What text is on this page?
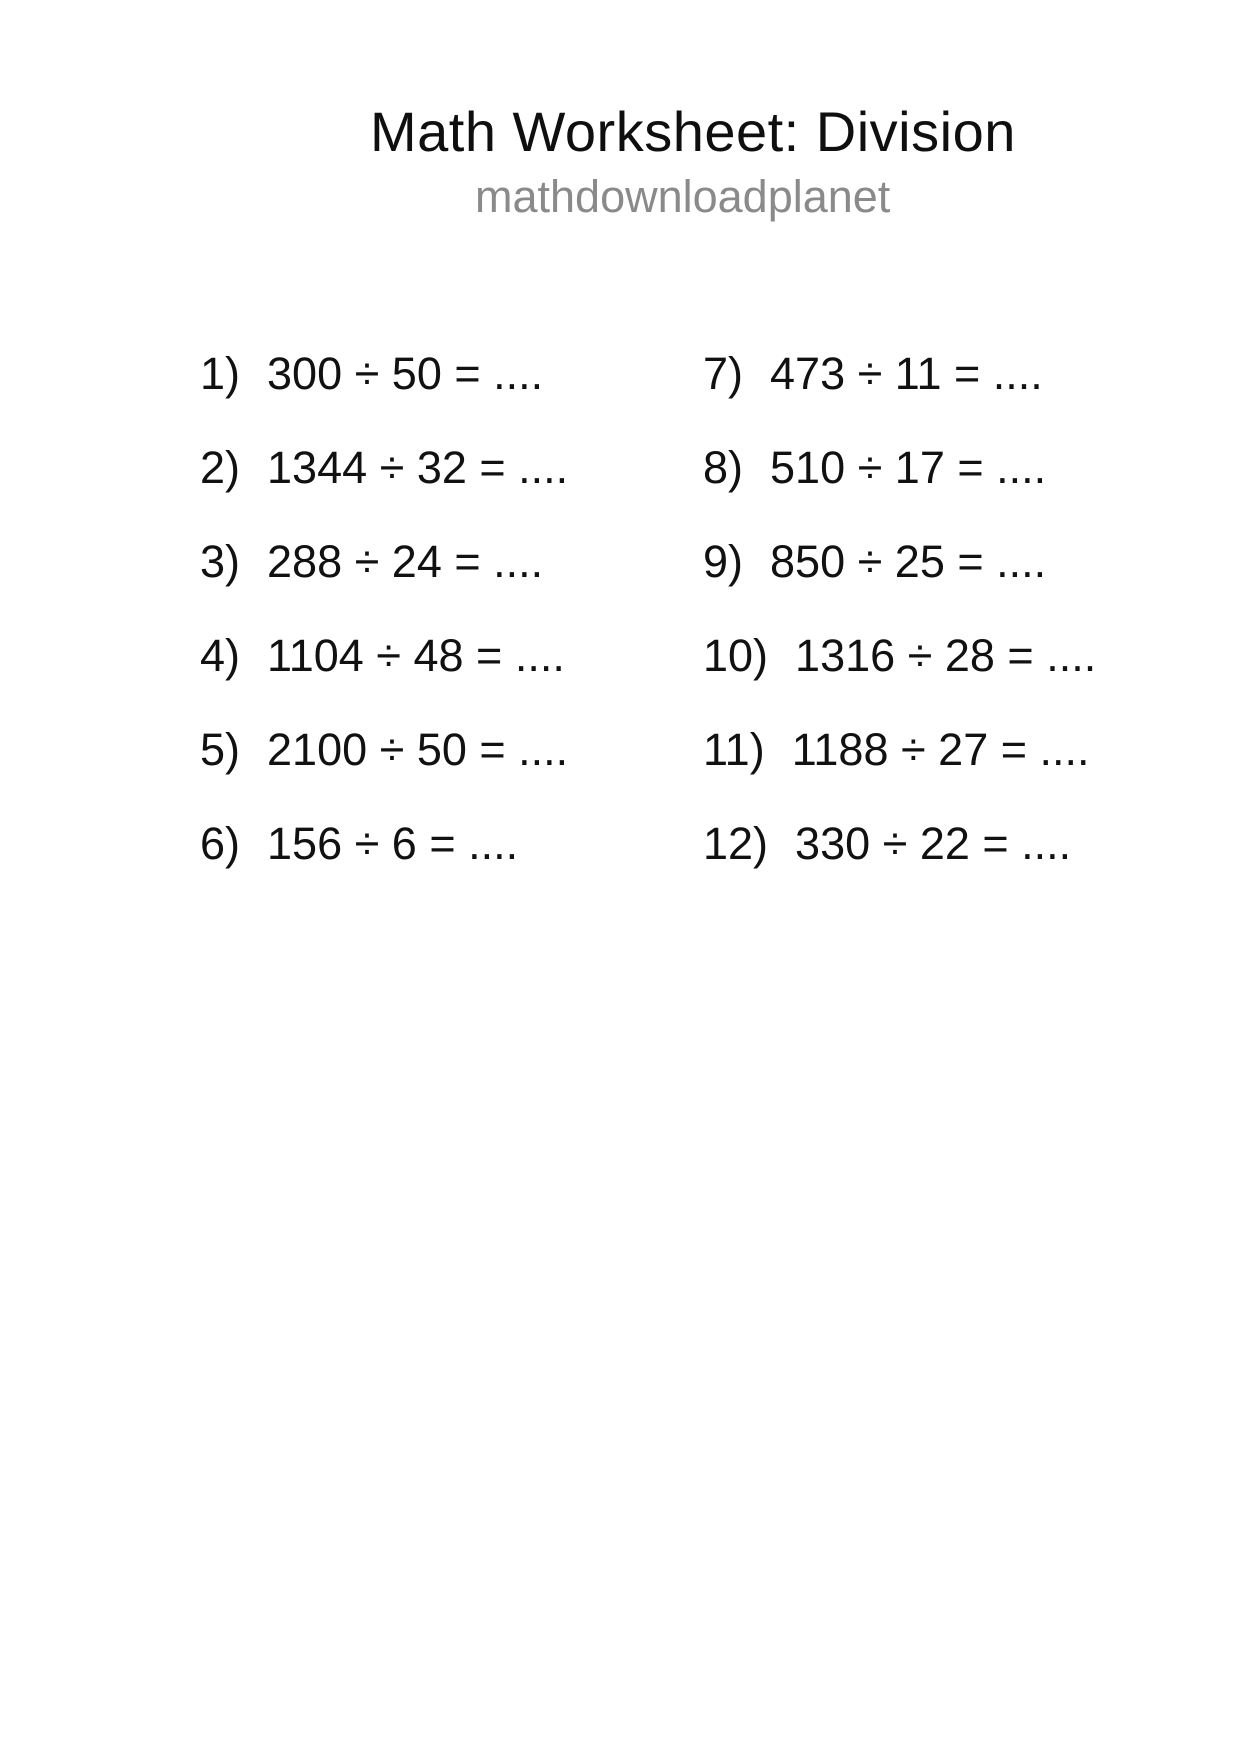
Math Worksheet: Division
mathdownloadplanet
1) 300 ÷ 50 = ....
2) 1344 ÷ 32 = ....
3) 288 ÷ 24 = ....
4) 1104 ÷ 48 = ....
5) 2100 ÷ 50 = ....
6) 156 ÷ 6 = ....
7) 473 ÷ 11 = ....
8) 510 ÷ 17 = ....
9) 850 ÷ 25 = ....
10) 1316 ÷ 28 = ....
11) 1188 ÷ 27 = ....
12) 330 ÷ 22 = ....
